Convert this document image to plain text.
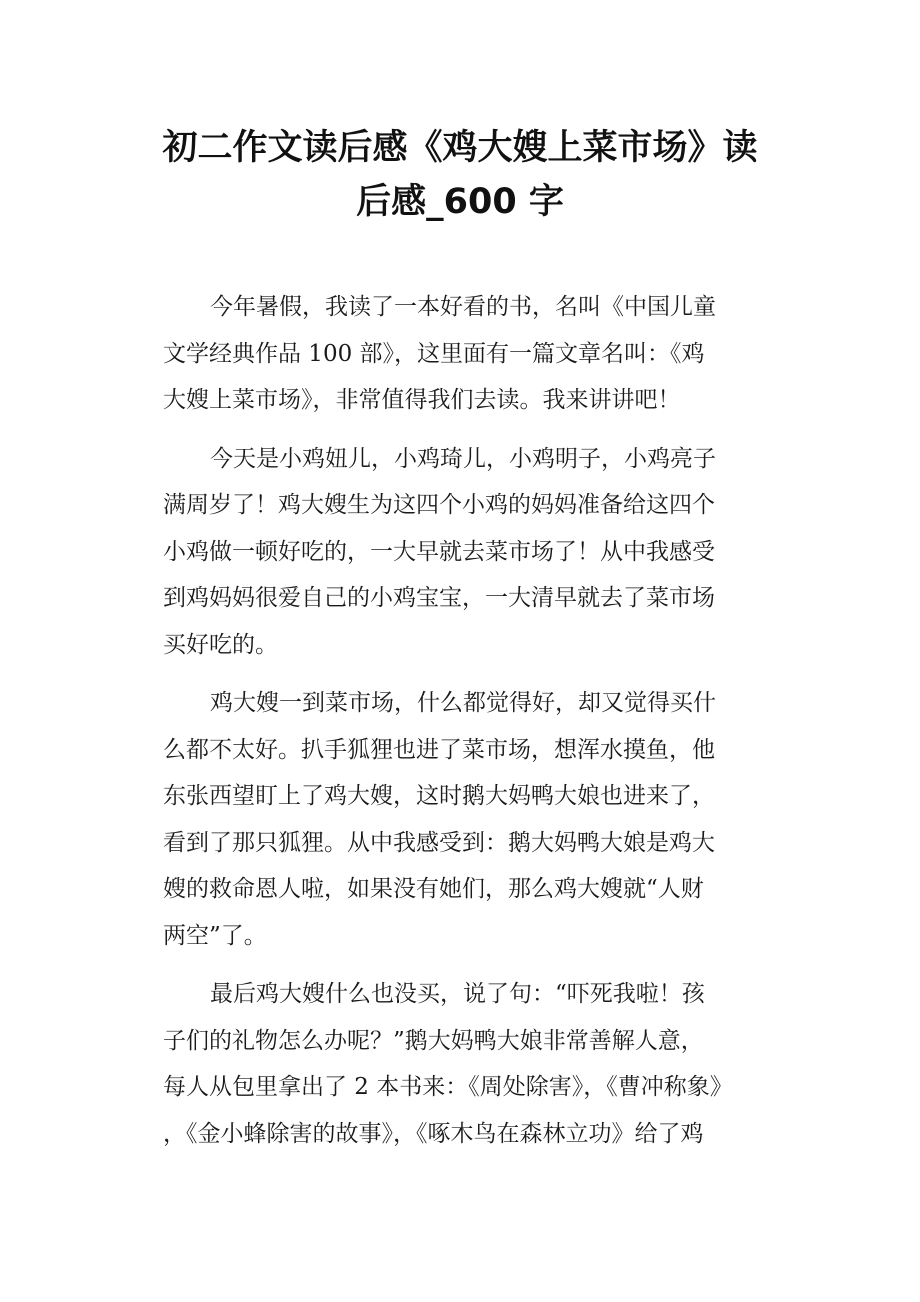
初二作文读后感《鸡大嫂上菜市场》读
后感_600 字
今年暑假，我读了一本好看的书，名叫《中国儿童
文学经典作品 100 部》，这里面有一篇文章名叫：《鸡
大嫂上菜市场》，非常值得我们去读。我来讲讲吧！
今天是小鸡妞儿，小鸡琦儿，小鸡明子，小鸡亮子
满周岁了！鸡大嫂生为这四个小鸡的妈妈准备给这四个
小鸡做一顿好吃的，一大早就去菜市场了！从中我感受
到鸡妈妈很爱自己的小鸡宝宝，一大清早就去了菜市场
买好吃的。
鸡大嫂一到菜市场，什么都觉得好，却又觉得买什
么都不太好。扒手狐狸也进了菜市场，想浑水摸鱼，他
东张西望盯上了鸡大嫂，这时鹅大妈鸭大娘也进来了，
看到了那只狐狸。从中我感受到：鹅大妈鸭大娘是鸡大
嫂的救命恩人啦，如果没有她们，那么鸡大嫂就“人财
两空”了。
最后鸡大嫂什么也没买，说了句：“吓死我啦！孩
子们的礼物怎么办呢？”鹅大妈鸭大娘非常善解人意，
每人从包里拿出了 2 本书来：《周处除害》，《曹冲称象》
，《金小蜂除害的故事》，《啄木鸟在森林立功》给了鸡
